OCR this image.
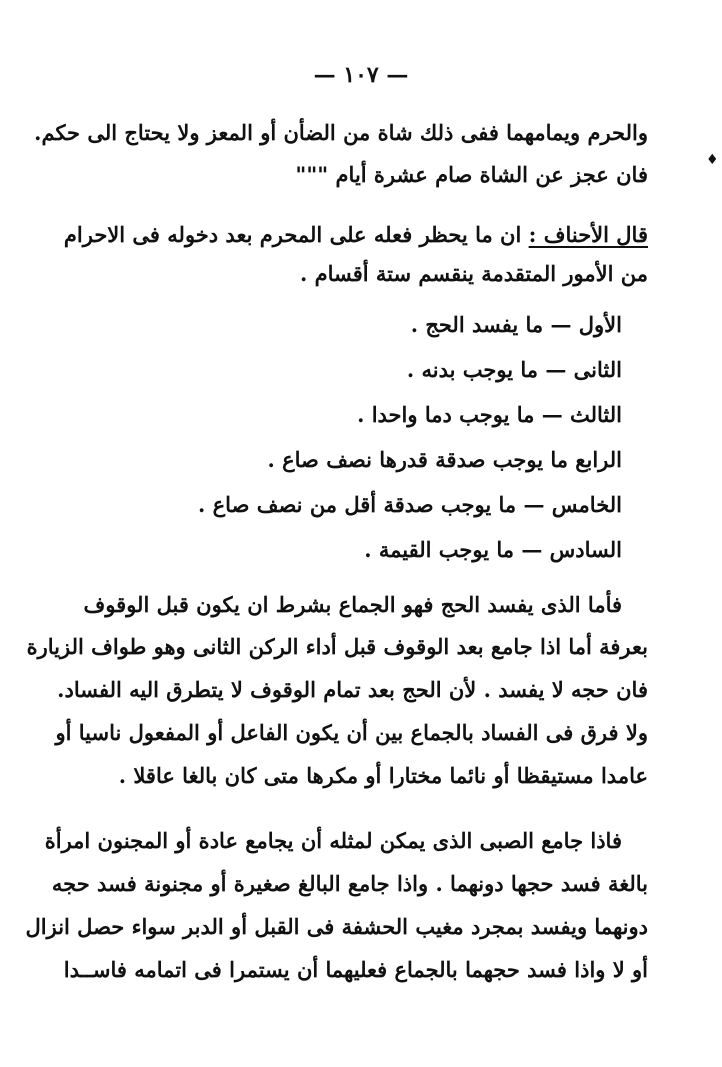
— ١٠٧ —
♦
والحرم ويمامهما ففى ذلك شاة من الضأن أو المعز ولا يحتاج الى حكم.
فان عجز عن الشاة صام عشرة أيام """
قال الأحناف : ان ما يحظر فعله على المحرم بعد دخوله فى الاحرام
من الأمور المتقدمة ينقسم ستة أقسام .
الأول — ما يفسد الحج .
الثانى — ما يوجب بدنه .
الثالث — ما يوجب دما واحدا .
الرابع ما يوجب صدقة قدرها نصف صاع .
الخامس — ما يوجب صدقة أقل من نصف صاع .
السادس — ما يوجب القيمة .
فأما الذى يفسد الحج فهو الجماع بشرط ان يكون قبل الوقوف
بعرفة أما اذا جامع بعد الوقوف قبل أداء الركن الثانى وهو طواف الزيارة
فان حجه لا يفسد . لأن الحج بعد تمام الوقوف لا يتطرق اليه الفساد.
ولا فرق فى الفساد بالجماع بين أن يكون الفاعل أو المفعول ناسيا أو
عامدا مستيقظا أو نائما مختارا أو مكرها متى كان بالغا عاقلا .
فاذا جامع الصبى الذى يمكن لمثله أن يجامع عادة أو المجنون امرأة
بالغة فسد حجها دونهما . واذا جامع البالغ صغيرة أو مجنونة فسد حجه
دونهما ويفسد بمجرد مغيب الحشفة فى القبل أو الدبر سواء حصل انزال
أو لا واذا فسد حجهما بالجماع فعليهما أن يستمرا فى اتمامه فاســدا
